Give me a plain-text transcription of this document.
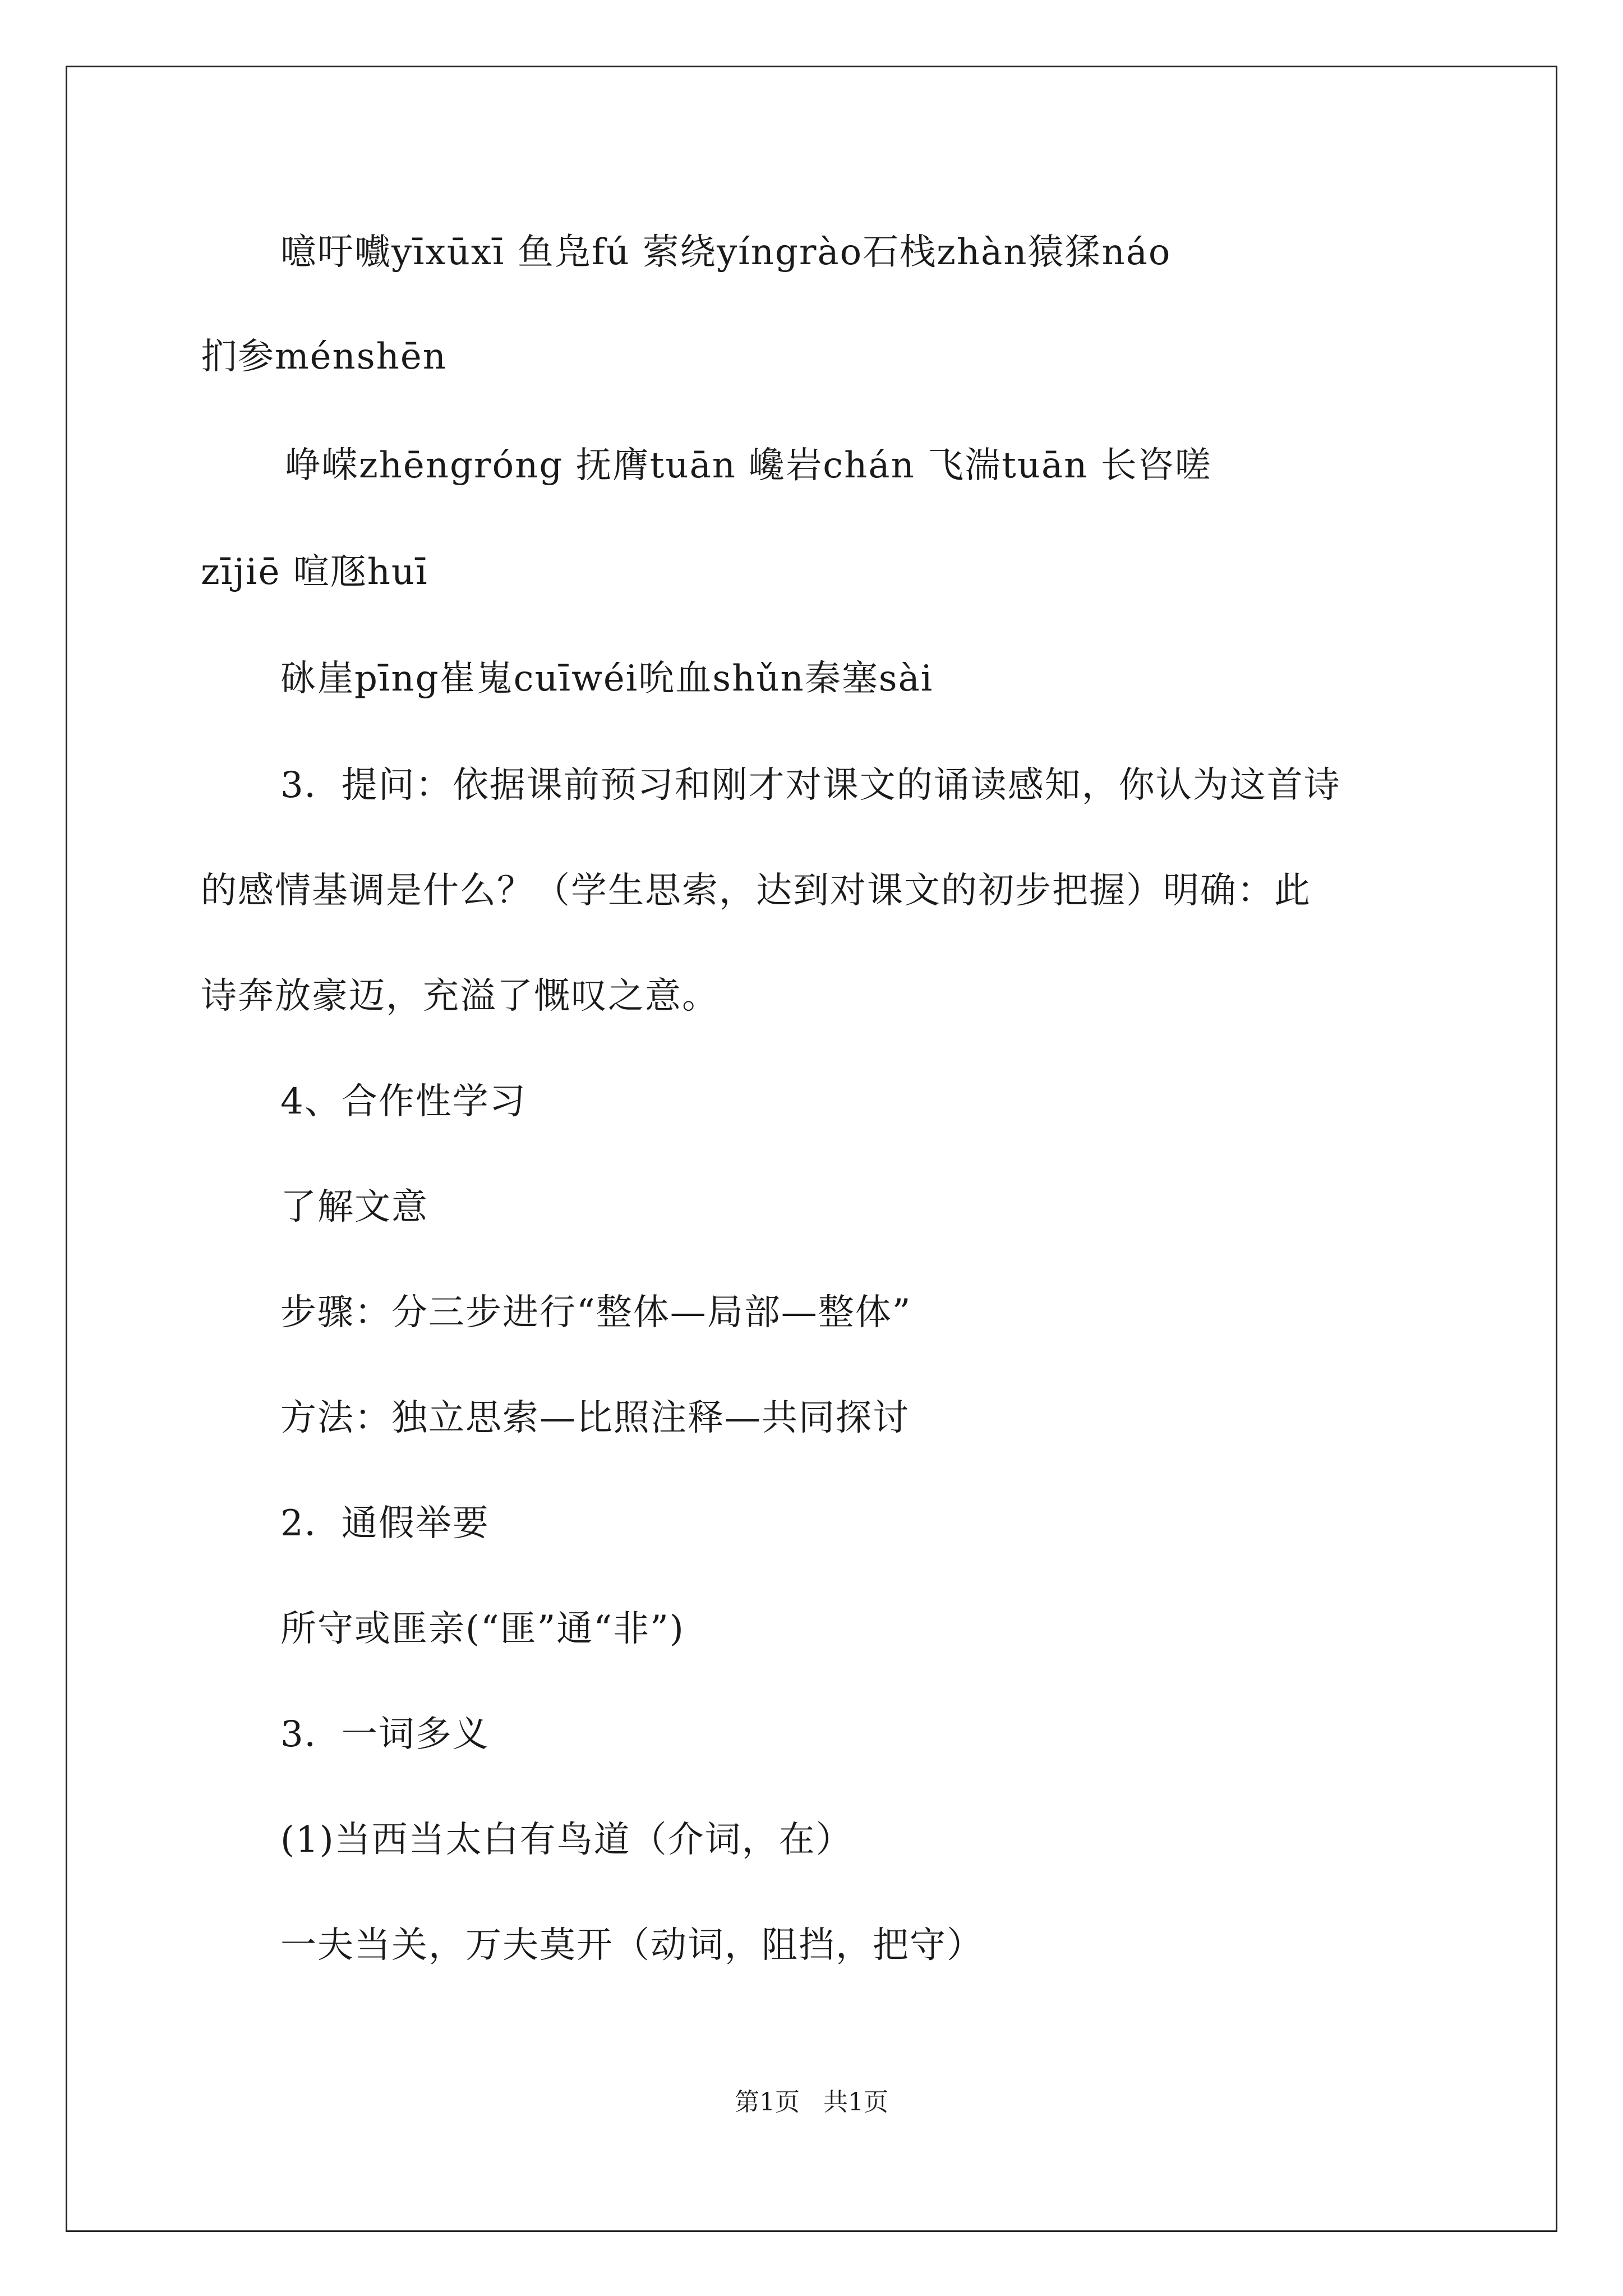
噫吁嚱yīxūxī 鱼凫fú 萦绕yíngrào石栈zhàn猿猱náo
扪参ménshēn
峥嵘zhēngróng 抚膺tuān 巉岩chán 飞湍tuān 长咨嗟
zījiē 喧豗huī
砯崖pīng崔嵬cuīwéi吮血shǔn秦塞sài
3．提问：依据课前预习和刚才对课文的诵读感知，你认为这首诗
的感情基调是什么？（学生思索，达到对课文的初步把握）明确：此
诗奔放豪迈，充溢了慨叹之意。
4、合作性学习
了解文意
步骤：分三步进行“整体—局部—整体”
方法：独立思索—比照注释—共同探讨
2．通假举要
所守或匪亲(“匪”通“非”)
3．一词多义
(1)当西当太白有鸟道（介词，在）
一夫当关，万夫莫开（动词，阻挡，把守）
第1页   共1页
